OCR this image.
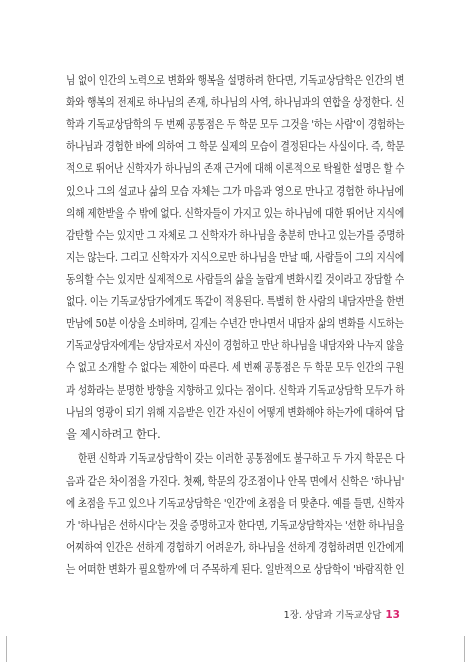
님 없이 인간의 노력으로 변화와 행복을 설명하려 한다면, 기독교상담학은 인간의 변
화와 행복의 전제로 하나님의 존재, 하나님의 사역, 하나님과의 연합을 상정한다. 신
학과 기독교상담학의 두 번째 공통점은 두 학문 모두 그것을 '하는 사람'이 경험하는
하나님과 경험한 바에 의하여 그 학문 실제의 모습이 결정된다는 사실이다. 즉, 학문
적으로 뛰어난 신학자가 하나님의 존재 근거에 대해 이론적으로 탁월한 설명은 할 수
있으나 그의 설교나 삶의 모습 자체는 그가 마음과 영으로 만나고 경험한 하나님에
의해 제한받을 수 밖에 없다. 신학자들이 가지고 있는 하나님에 대한 뛰어난 지식에
감탄할 수는 있지만 그 자체로 그 신학자가 하나님을 충분히 만나고 있는가를 증명하
지는 않는다. 그리고 신학자가 지식으로만 하나님을 만날 때, 사람들이 그의 지식에
동의할 수는 있지만 실제적으로 사람들의 삶을 놀랍게 변화시킬 것이라고 장담할 수
없다. 이는 기독교상담가에게도 똑같이 적용된다. 특별히 한 사람의 내담자만을 한번
만남에 50분 이상을 소비하며, 길게는 수년간 만나면서 내담자 삶의 변화를 시도하는
기독교상담자에게는 상담자로서 자신이 경험하고 만난 하나님을 내담자와 나누지 않을
수 없고 소개할 수 없다는 제한이 따른다. 세 번째 공통점은 두 학문 모두 인간의 구원
과 성화라는 분명한 방향을 지향하고 있다는 점이다. 신학과 기독교상담학 모두가 하
나님의 영광이 되기 위해 지음받은 인간 자신이 어떻게 변화해야 하는가에 대하여 답
을 제시하려고 한다.
한편 신학과 기독교상담학이 갖는 이러한 공통점에도 불구하고 두 가지 학문은 다
음과 같은 차이점을 가진다. 첫째, 학문의 강조점이나 안목 면에서 신학은 '하나님'
에 초점을 두고 있으나 기독교상담학은 '인간'에 초점을 더 맞춘다. 예를 들면, 신학자
가 '하나님은 선하시다'는 것을 증명하고자 한다면, 기독교상담학자는 '선한 하나님을
어찌하여 인간은 선하게 경험하기 어려운가, 하나님을 선하게 경험하려면 인간에게
는 어떠한 변화가 필요할까'에 더 주목하게 된다. 일반적으로 상담학이 '바람직한 인
1장. 상담과 기독교상담 13
